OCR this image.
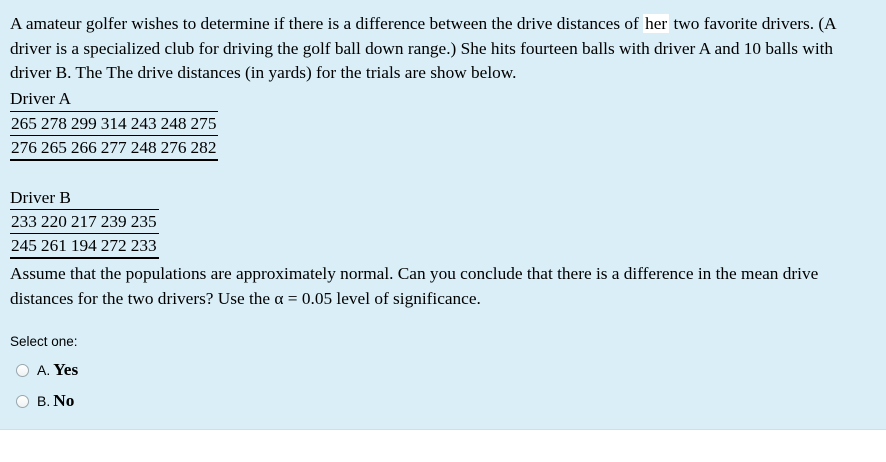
A amateur golfer wishes to determine if there is a difference between the drive distances of her two favorite drivers. (A driver is a specialized club for driving the golf ball down range.) She hits fourteen balls with driver A and 10 balls with driver B. The The drive distances (in yards) for the trials are show below.

Driver A
265	278	299	314	243	248	275
276	265	266	277	248	276	282
Driver B
233	220	217	239	235
245	261	194	272	233

Assume that the populations are approximately normal. Can you conclude that there is a difference in the mean drive distances for the two drivers? Use the α = 0.05 level of significance.

Select one:
A. Yes
B. No
